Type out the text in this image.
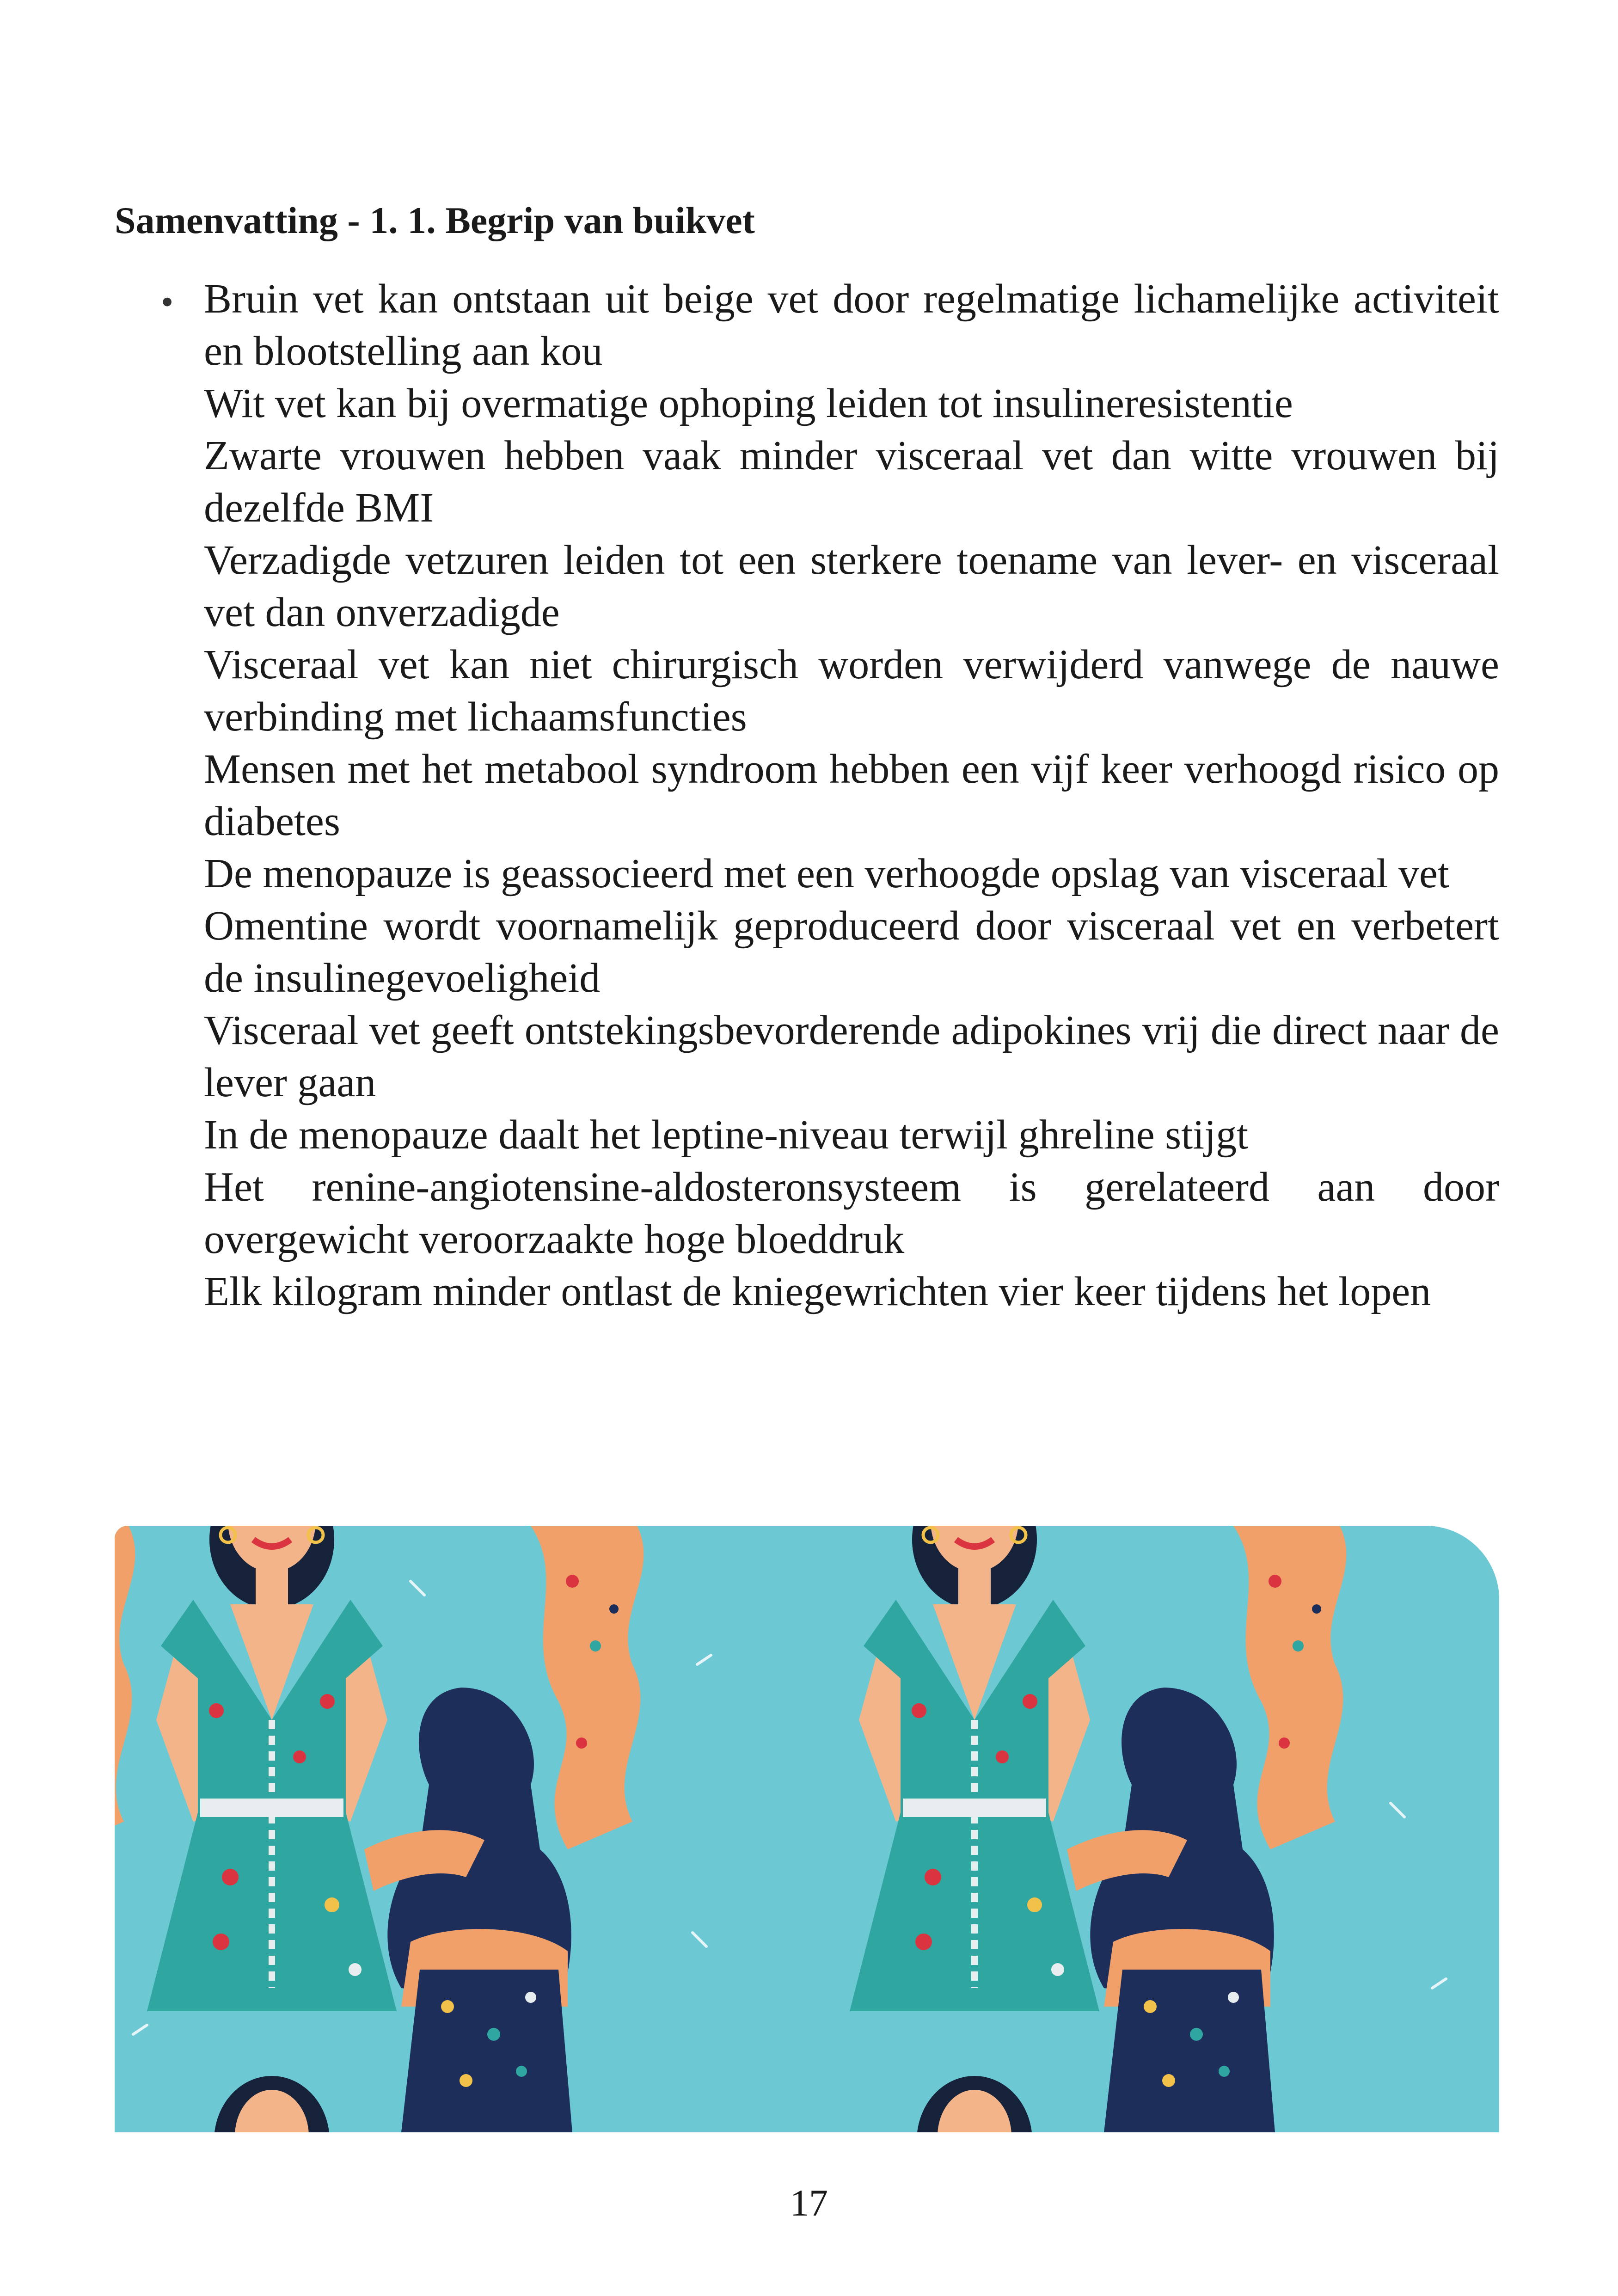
Samenvatting - 1. 1. Begrip van buikvet
• Bruin vet kan ontstaan uit beige vet door regelmatige lichamelijke activiteit en blootstelling aan kou
Wit vet kan bij overmatige ophoping leiden tot insulineresistentie
Zwarte vrouwen hebben vaak minder visceraal vet dan witte vrouwen bij dezelfde BMI
Verzadigde vetzuren leiden tot een sterkere toename van lever- en visceraal vet dan onverzadigde
Visceraal vet kan niet chirurgisch worden verwijderd vanwege de nauwe verbinding met lichaamsfuncties
Mensen met het metabool syndroom hebben een vijf keer verhoogd risico op diabetes
De menopauze is geassocieerd met een verhoogde opslag van visceraal vet
Omentine wordt voornamelijk geproduceerd door visceraal vet en verbetert de insulinegevoeligheid
Visceraal vet geeft ontstekingsbevorderende adipokines vrij die direct naar de lever gaan
In de menopauze daalt het leptine-niveau terwijl ghreline stijgt
Het renine-angiotensine-aldosteronsysteem is gerelateerd aan door overgewicht veroorzaakte hoge bloeddruk
Elk kilogram minder ontlast de kniegewrichten vier keer tijdens het lopen
17
